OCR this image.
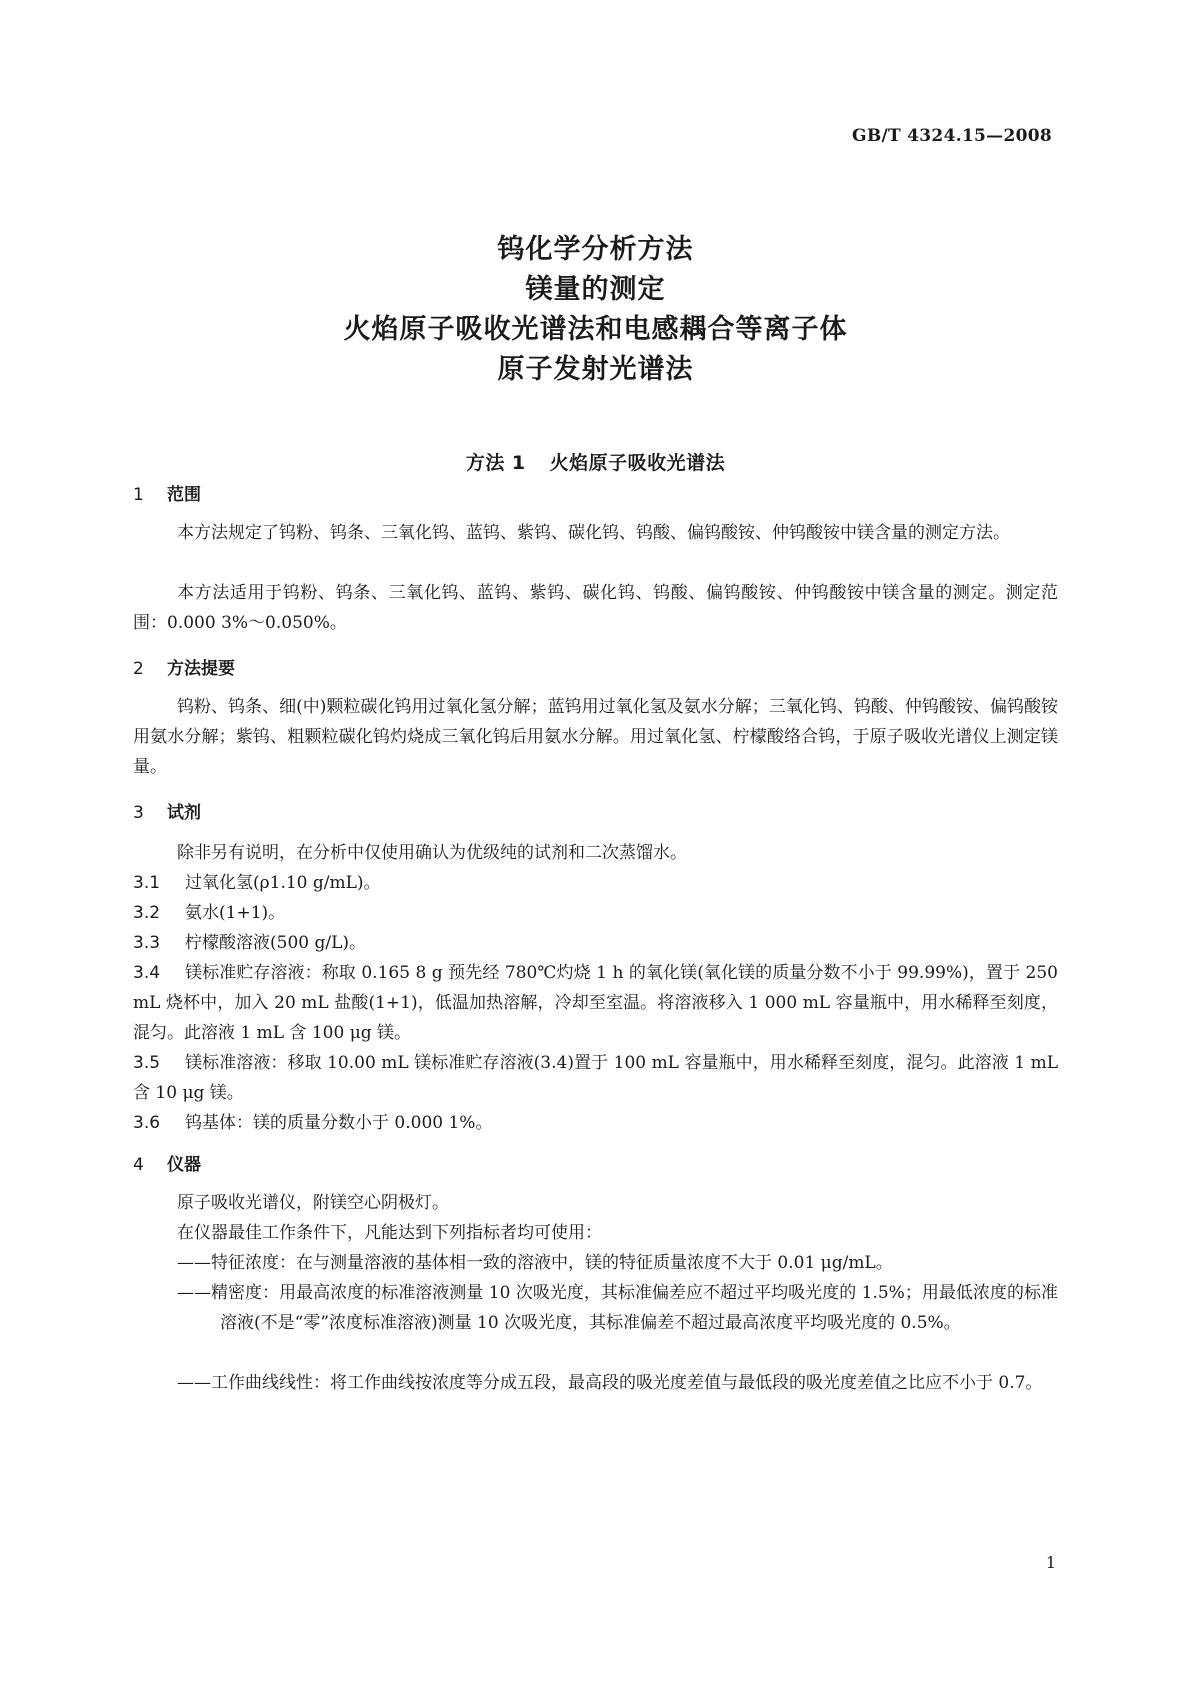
GB/T 4324.15—2008
钨化学分析方法
镁量的测定
火焰原子吸收光谱法和电感耦合等离子体
原子发射光谱法
方法 1 火焰原子吸收光谱法
1 范围
本方法规定了钨粉、钨条、三氧化钨、蓝钨、紫钨、碳化钨、钨酸、偏钨酸铵、仲钨酸铵中镁含量的测定方法。
本方法适用于钨粉、钨条、三氧化钨、蓝钨、紫钨、碳化钨、钨酸、偏钨酸铵、仲钨酸铵中镁含量的测定。测定范围：0.000 3%～0.050%。
2 方法提要
钨粉、钨条、细(中)颗粒碳化钨用过氧化氢分解；蓝钨用过氧化氢及氨水分解；三氧化钨、钨酸、仲钨酸铵、偏钨酸铵用氨水分解；紫钨、粗颗粒碳化钨灼烧成三氧化钨后用氨水分解。用过氧化氢、柠檬酸络合钨，于原子吸收光谱仪上测定镁量。
3 试剂
除非另有说明，在分析中仅使用确认为优级纯的试剂和二次蒸馏水。
3.1 过氧化氢(ρ1.10 g/mL)。
3.2 氨水(1+1)。
3.3 柠檬酸溶液(500 g/L)。
3.4 镁标准贮存溶液：称取 0.165 8 g 预先经 780℃灼烧 1 h 的氧化镁(氧化镁的质量分数不小于 99.99%)，置于 250 mL 烧杯中，加入 20 mL 盐酸(1+1)，低温加热溶解，冷却至室温。将溶液移入 1 000 mL 容量瓶中，用水稀释至刻度，混匀。此溶液 1 mL 含 100 μg 镁。
3.5 镁标准溶液：移取 10.00 mL 镁标准贮存溶液(3.4)置于 100 mL 容量瓶中，用水稀释至刻度，混匀。此溶液 1 mL 含 10 μg 镁。
3.6 钨基体：镁的质量分数小于 0.000 1%。
4 仪器
原子吸收光谱仪，附镁空心阴极灯。
在仪器最佳工作条件下，凡能达到下列指标者均可使用：
——特征浓度：在与测量溶液的基体相一致的溶液中，镁的特征质量浓度不大于 0.01 μg/mL。
——精密度：用最高浓度的标准溶液测量 10 次吸光度，其标准偏差应不超过平均吸光度的 1.5%；用最低浓度的标准溶液(不是“零”浓度标准溶液)测量 10 次吸光度，其标准偏差不超过最高浓度平均吸光度的 0.5%。
——工作曲线线性：将工作曲线按浓度等分成五段，最高段的吸光度差值与最低段的吸光度差值之比应不小于 0.7。
1
